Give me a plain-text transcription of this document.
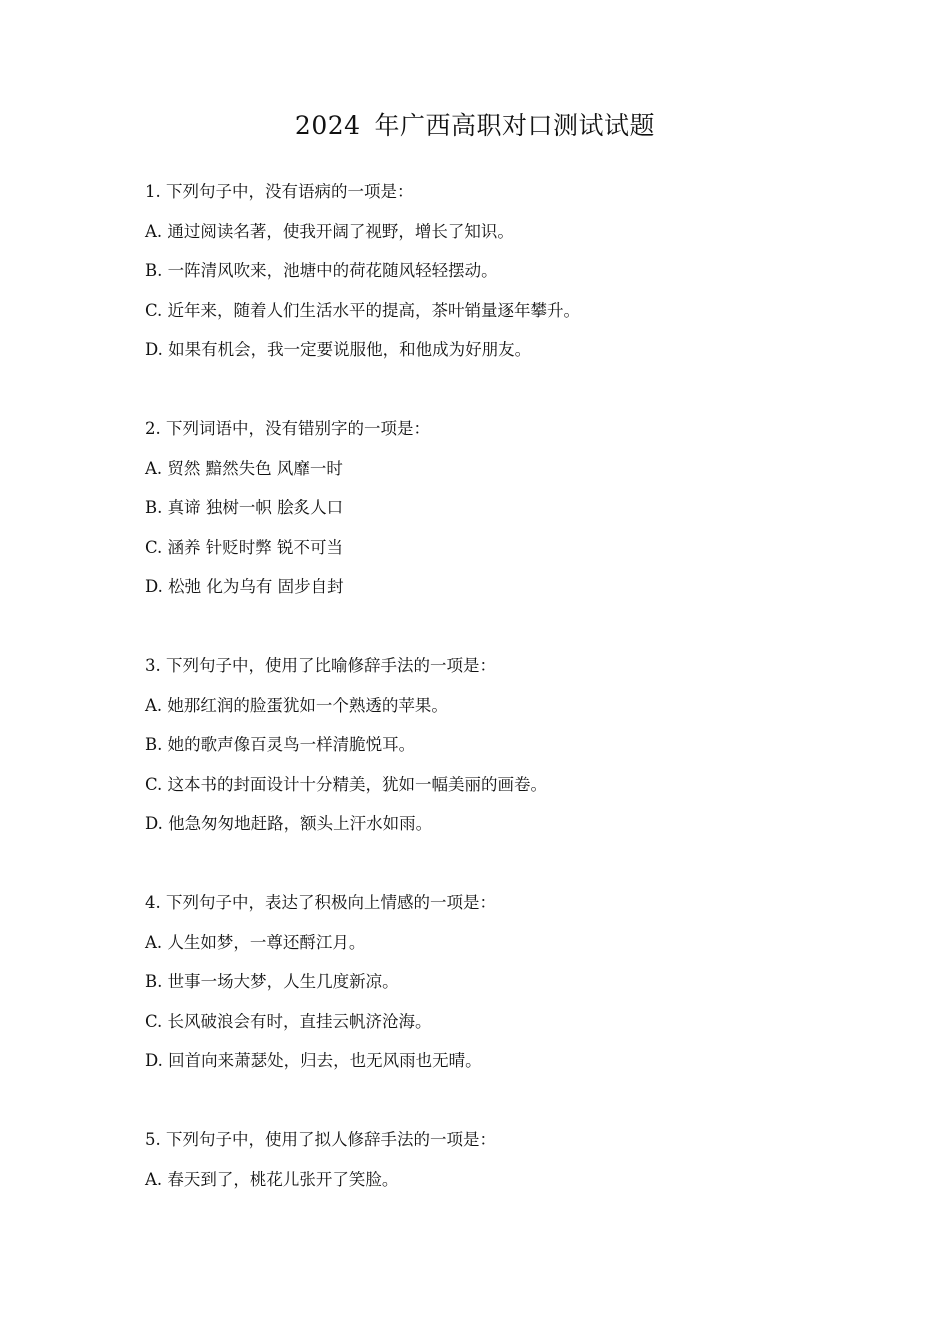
2024 年广西高职对口测试试题

1. 下列句子中，没有语病的一项是：

A. 通过阅读名著，使我开阔了视野，增长了知识。

B. 一阵清风吹来，池塘中的荷花随风轻轻摆动。

C. 近年来，随着人们生活水平的提高，茶叶销量逐年攀升。

D. 如果有机会，我一定要说服他，和他成为好朋友。

2. 下列词语中，没有错别字的一项是：

A. 贸然 黯然失色 风靡一时

B. 真谛 独树一帜 脍炙人口

C. 涵养 针贬时弊 锐不可当

D. 松弛 化为乌有 固步自封

3. 下列句子中，使用了比喻修辞手法的一项是：

A. 她那红润的脸蛋犹如一个熟透的苹果。

B. 她的歌声像百灵鸟一样清脆悦耳。

C. 这本书的封面设计十分精美，犹如一幅美丽的画卷。

D. 他急匆匆地赶路，额头上汗水如雨。

4. 下列句子中，表达了积极向上情感的一项是：

A. 人生如梦，一尊还酹江月。

B. 世事一场大梦，人生几度新凉。

C. 长风破浪会有时，直挂云帆济沧海。

D. 回首向来萧瑟处，归去，也无风雨也无晴。

5. 下列句子中，使用了拟人修辞手法的一项是：

A. 春天到了，桃花儿张开了笑脸。
